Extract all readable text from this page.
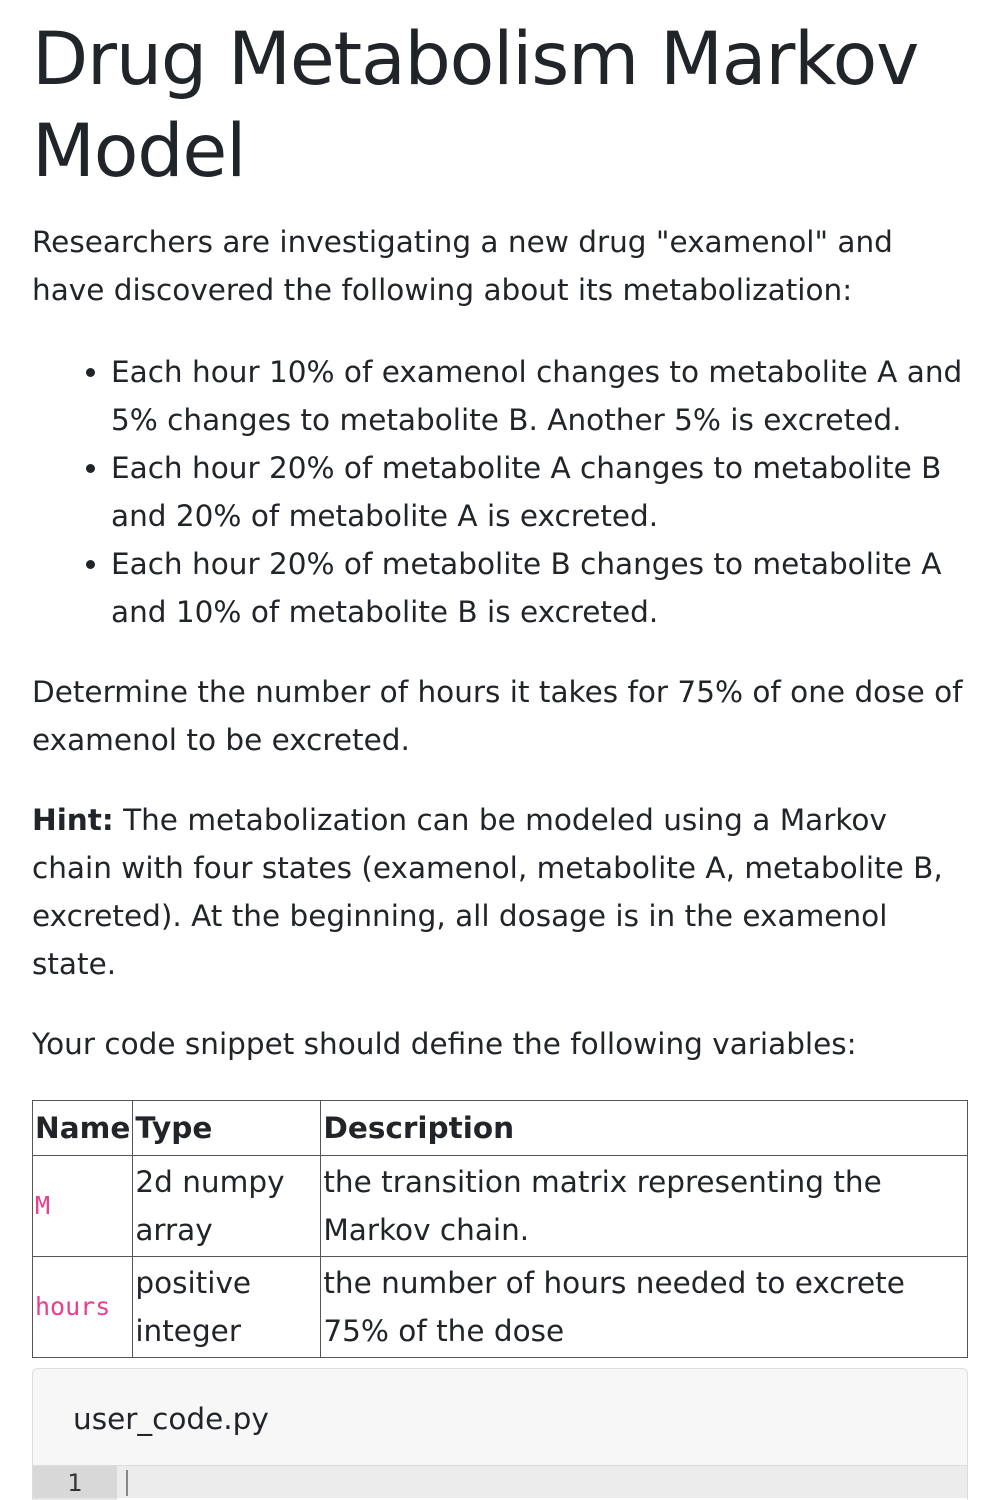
Drug Metabolism Markov Model

Researchers are investigating a new drug "examenol" and have discovered the following about its metabolization:

• Each hour 10% of examenol changes to metabolite A and 5% changes to metabolite B. Another 5% is excreted.
• Each hour 20% of metabolite A changes to metabolite B and 20% of metabolite A is excreted.
• Each hour 20% of metabolite B changes to metabolite A and 10% of metabolite B is excreted.

Determine the number of hours it takes for 75% of one dose of examenol to be excreted.

Hint: The metabolization can be modeled using a Markov chain with four states (examenol, metabolite A, metabolite B, excreted). At the beginning, all dosage is in the examenol state.

Your code snippet should define the following variables:

Name	Type	Description
M	2d numpy array	the transition matrix representing the Markov chain.
hours	positive integer	the number of hours needed to excrete 75% of the dose
user_code.py
1
